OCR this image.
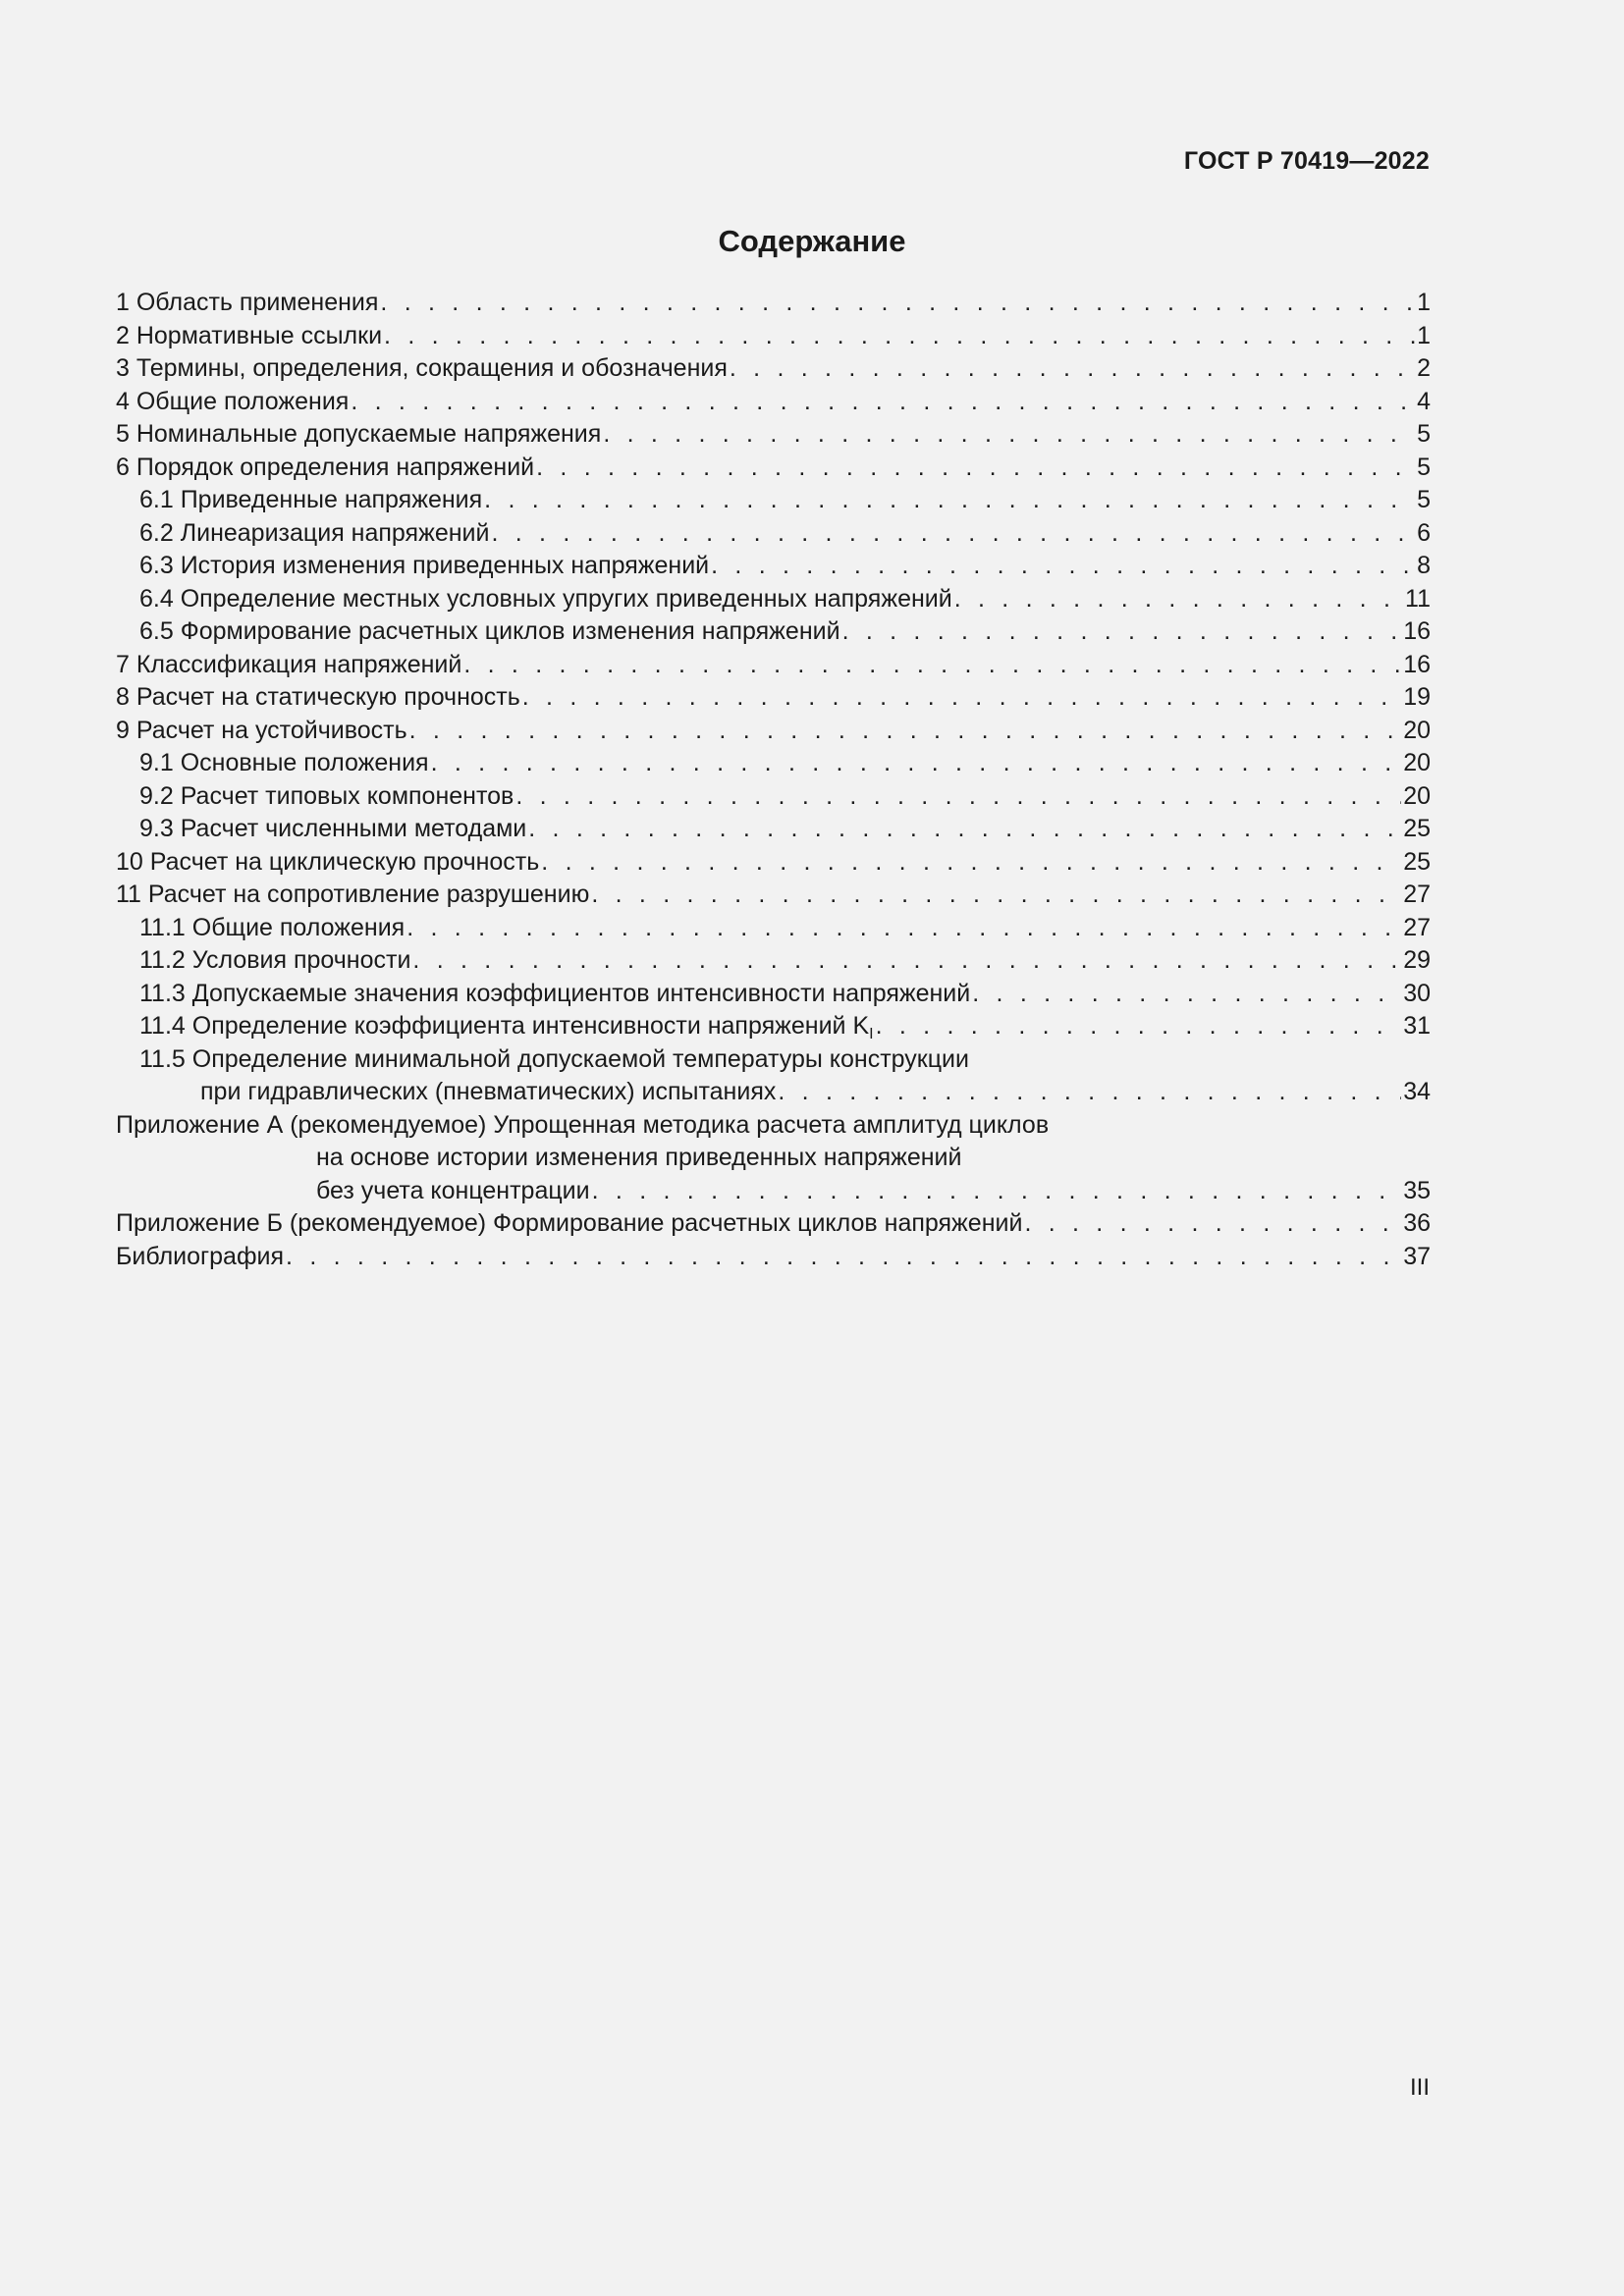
ГОСТ Р 70419—2022
Содержание
1 Область применения . . .	1
2 Нормативные ссылки . . .	1
3 Термины, определения, сокращения и обозначения . . .	2
4 Общие положения . . .	4
5 Номинальные допускаемые напряжения . . .	5
6 Порядок определения напряжений . . .	5
6.1 Приведенные напряжения . . .	5
6.2 Линеаризация напряжений . . .	6
6.3 История изменения приведенных напряжений . . .	8
6.4 Определение местных условных упругих приведенных напряжений . . .	11
6.5 Формирование расчетных циклов изменения напряжений . . .	16
7 Классификация напряжений . . .	16
8 Расчет на статическую прочность . . .	19
9 Расчет на устойчивость . . .	20
9.1 Основные положения . . .	20
9.2 Расчет типовых компонентов . . .	20
9.3 Расчет численными методами . . .	25
10 Расчет на циклическую прочность . . .	25
11 Расчет на сопротивление разрушению . . .	27
11.1 Общие положения . . .	27
11.2 Условия прочности . . .	29
11.3 Допускаемые значения коэффициентов интенсивности напряжений . . .	30
11.4 Определение коэффициента интенсивности напряжений $K_I$ . . .	31
11.5 Определение минимальной допускаемой температуры конструкции
при гидравлических (пневматических) испытаниях . . .	34
Приложение А (рекомендуемое) Упрощенная методика расчета амплитуд циклов
на основе истории изменения приведенных напряжений
без учета концентрации . . .	35
Приложение Б (рекомендуемое) Формирование расчетных циклов напряжений . . .	36
Библиография . . .	37
III
